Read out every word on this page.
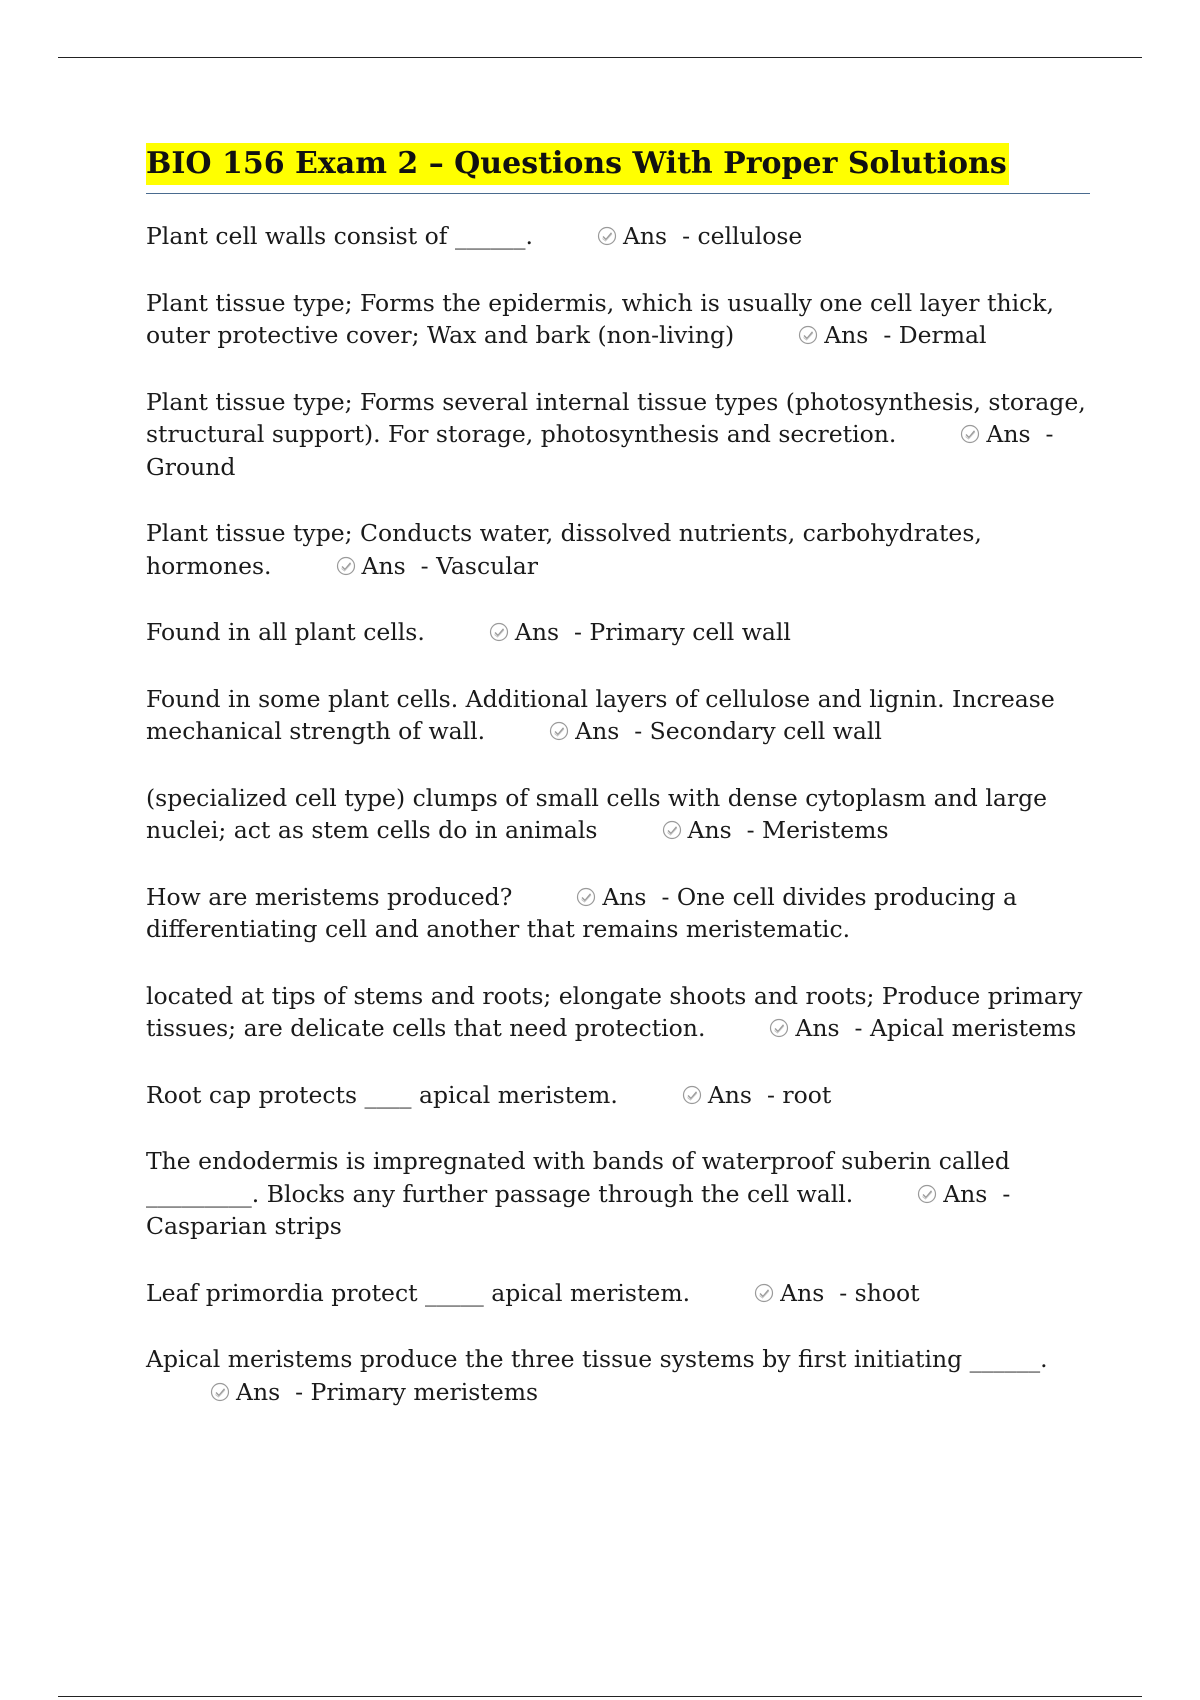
BIO 156 Exam 2 – Questions With Proper Solutions

Plant cell walls consist of ______.	Ans - cellulose

Plant tissue type; Forms the epidermis, which is usually one cell layer thick, outer protective cover; Wax and bark (non-living)	Ans - Dermal

Plant tissue type; Forms several internal tissue types (photosynthesis, storage, structural support). For storage, photosynthesis and secretion.	Ans - Ground

Plant tissue type; Conducts water, dissolved nutrients, carbohydrates, hormones.	Ans - Vascular

Found in all plant cells.	Ans - Primary cell wall

Found in some plant cells. Additional layers of cellulose and lignin. Increase mechanical strength of wall.	Ans - Secondary cell wall

(specialized cell type) clumps of small cells with dense cytoplasm and large nuclei; act as stem cells do in animals	Ans - Meristems

How are meristems produced?	Ans - One cell divides producing a differentiating cell and another that remains meristematic.

located at tips of stems and roots; elongate shoots and roots; Produce primary tissues; are delicate cells that need protection.	Ans - Apical meristems

Root cap protects ____ apical meristem.	Ans - root

The endodermis is impregnated with bands of waterproof suberin called _________. Blocks any further passage through the cell wall.	Ans - Casparian strips

Leaf primordia protect _____ apical meristem.	Ans - shoot

Apical meristems produce the three tissue systems by first initiating ______.
Ans - Primary meristems
